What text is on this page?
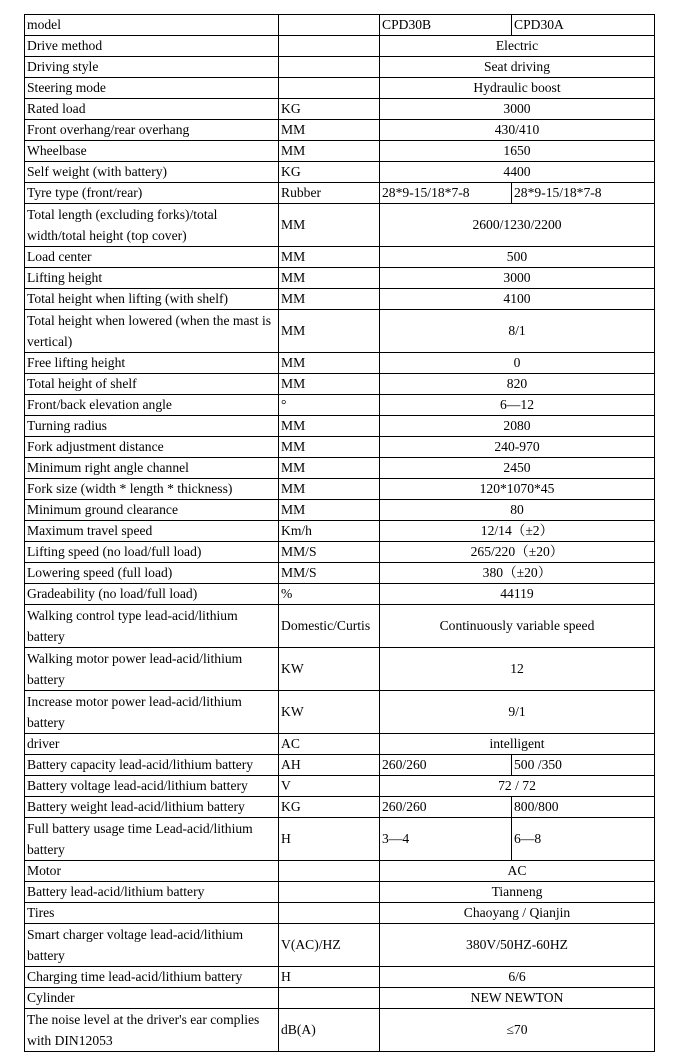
model		CPD30B	CPD30A
Drive method		Electric	
Driving style		Seat driving	
Steering mode		Hydraulic boost	
Rated load	KG	3000	
Front overhang/rear overhang	MM	430/410	
Wheelbase	MM	1650	
Self weight (with battery)	KG	4400	
Tyre type (front/rear)	Rubber	28*9-15/18*7-8	28*9-15/18*7-8
Total length (excluding forks)/total width/total height (top cover)	MM	2600/1230/2200	
Load center	MM	500	
Lifting height	MM	3000	
Total height when lifting (with shelf)	MM	4100	
Total height when lowered (when the mast is vertical)	MM	8/1	
Free lifting height	MM	0	
Total height of shelf	MM	820	
Front/back elevation angle	°	6—12	
Turning radius	MM	2080	
Fork adjustment distance	MM	240-970	
Minimum right angle channel	MM	2450	
Fork size (width * length * thickness)	MM	120*1070*45	
Minimum ground clearance	MM	80	
Maximum travel speed	Km/h	12/14（±2）	
Lifting speed (no load/full load)	MM/S	265/220（±20）	
Lowering speed (full load)	MM/S	380（±20）	
Gradeability (no load/full load)	%	44119	
Walking control type lead-acid/lithium battery	Domestic/Curtis	Continuously variable speed	
Walking motor power lead-acid/lithium battery	KW	12	
Increase motor power lead-acid/lithium battery	KW	9/1	
driver	AC	intelligent	
Battery capacity lead-acid/lithium battery	AH	260/260	500 /350
Battery voltage lead-acid/lithium battery	V	72 / 72	
Battery weight lead-acid/lithium battery	KG	260/260	800/800
Full battery usage time Lead-acid/lithium battery	H	3—4	6—8
Motor		AC	
Battery lead-acid/lithium battery		Tianneng	
Tires		Chaoyang / Qianjin	
Smart charger voltage lead-acid/lithium battery	V(AC)/HZ	380V/50HZ-60HZ	
Charging time lead-acid/lithium battery	H	6/6	
Cylinder		NEW NEWTON	
The noise level at the driver's ear complies with DIN12053	dB(A)	≤70	
